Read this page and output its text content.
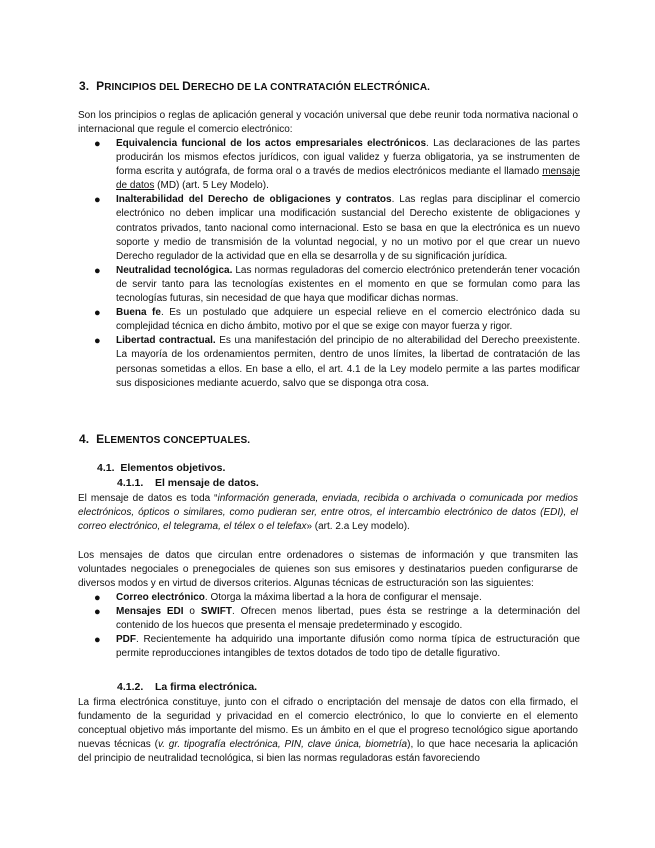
3. PRINCIPIOS DEL DERECHO DE LA CONTRATACIÓN ELECTRÓNICA.
Son los principios o reglas de aplicación general y vocación universal que debe reunir toda normativa nacional o internacional que regule el comercio electrónico:
● Equivalencia funcional de los actos empresariales electrónicos. Las declaraciones de las partes producirán los mismos efectos jurídicos, con igual validez y fuerza obligatoria, ya se instrumenten de forma escrita y autógrafa, de forma oral o a través de medios electrónicos mediante el llamado mensaje de datos (MD) (art. 5 Ley Modelo).
● Inalterabilidad del Derecho de obligaciones y contratos. Las reglas para disciplinar el comercio electrónico no deben implicar una modificación sustancial del Derecho existente de obligaciones y contratos privados, tanto nacional como internacional. Esto se basa en que la electrónica es un nuevo soporte y medio de transmisión de la voluntad negocial, y no un motivo por el que crear un nuevo Derecho regulador de la actividad que en ella se desarrolla y de su significación jurídica.
● Neutralidad tecnológica. Las normas reguladoras del comercio electrónico pretenderán tener vocación de servir tanto para las tecnologías existentes en el momento en que se formulan como para las tecnologías futuras, sin necesidad de que haya que modificar dichas normas.
● Buena fe. Es un postulado que adquiere un especial relieve en el comercio electrónico dada su complejidad técnica en dicho ámbito, motivo por el que se exige con mayor fuerza y rigor.
● Libertad contractual. Es una manifestación del principio de no alterabilidad del Derecho preexistente. La mayoría de los ordenamientos permiten, dentro de unos límites, la libertad de contratación de las personas sometidas a ellos. En base a ello, el art. 4.1 de la Ley modelo permite a las partes modificar sus disposiciones mediante acuerdo, salvo que se disponga otra cosa.
4. ELEMENTOS CONCEPTUALES.
4.1. Elementos objetivos.
4.1.1. El mensaje de datos.
El mensaje de datos es toda “información generada, enviada, recibida o archivada o comunicada por medios electrónicos, ópticos o similares, como pudieran ser, entre otros, el intercambio electrónico de datos (EDI), el correo electrónico, el telegrama, el télex o el telefax» (art. 2.a Ley modelo).
Los mensajes de datos que circulan entre ordenadores o sistemas de información y que transmiten las voluntades negociales o prenegociales de quienes son sus emisores y destinatarios pueden configurarse de diversos modos y en virtud de diversos criterios. Algunas técnicas de estructuración son las siguientes:
● Correo electrónico. Otorga la máxima libertad a la hora de configurar el mensaje.
● Mensajes EDI o SWIFT. Ofrecen menos libertad, pues ésta se restringe a la determinación del contenido de los huecos que presenta el mensaje predeterminado y escogido.
● PDF. Recientemente ha adquirido una importante difusión como norma típica de estructuración que permite reproducciones intangibles de textos dotados de todo tipo de detalle figurativo.
4.1.2. La firma electrónica.
La firma electrónica constituye, junto con el cifrado o encriptación del mensaje de datos con ella firmado, el fundamento de la seguridad y privacidad en el comercio electrónico, lo que lo convierte en el elemento conceptual objetivo más importante del mismo. Es un ámbito en el que el progreso tecnológico sigue aportando nuevas técnicas (v. gr. tipografía electrónica, PIN, clave única, biometría), lo que hace necesaria la aplicación del principio de neutralidad tecnológica, si bien las normas reguladoras están favoreciendo
